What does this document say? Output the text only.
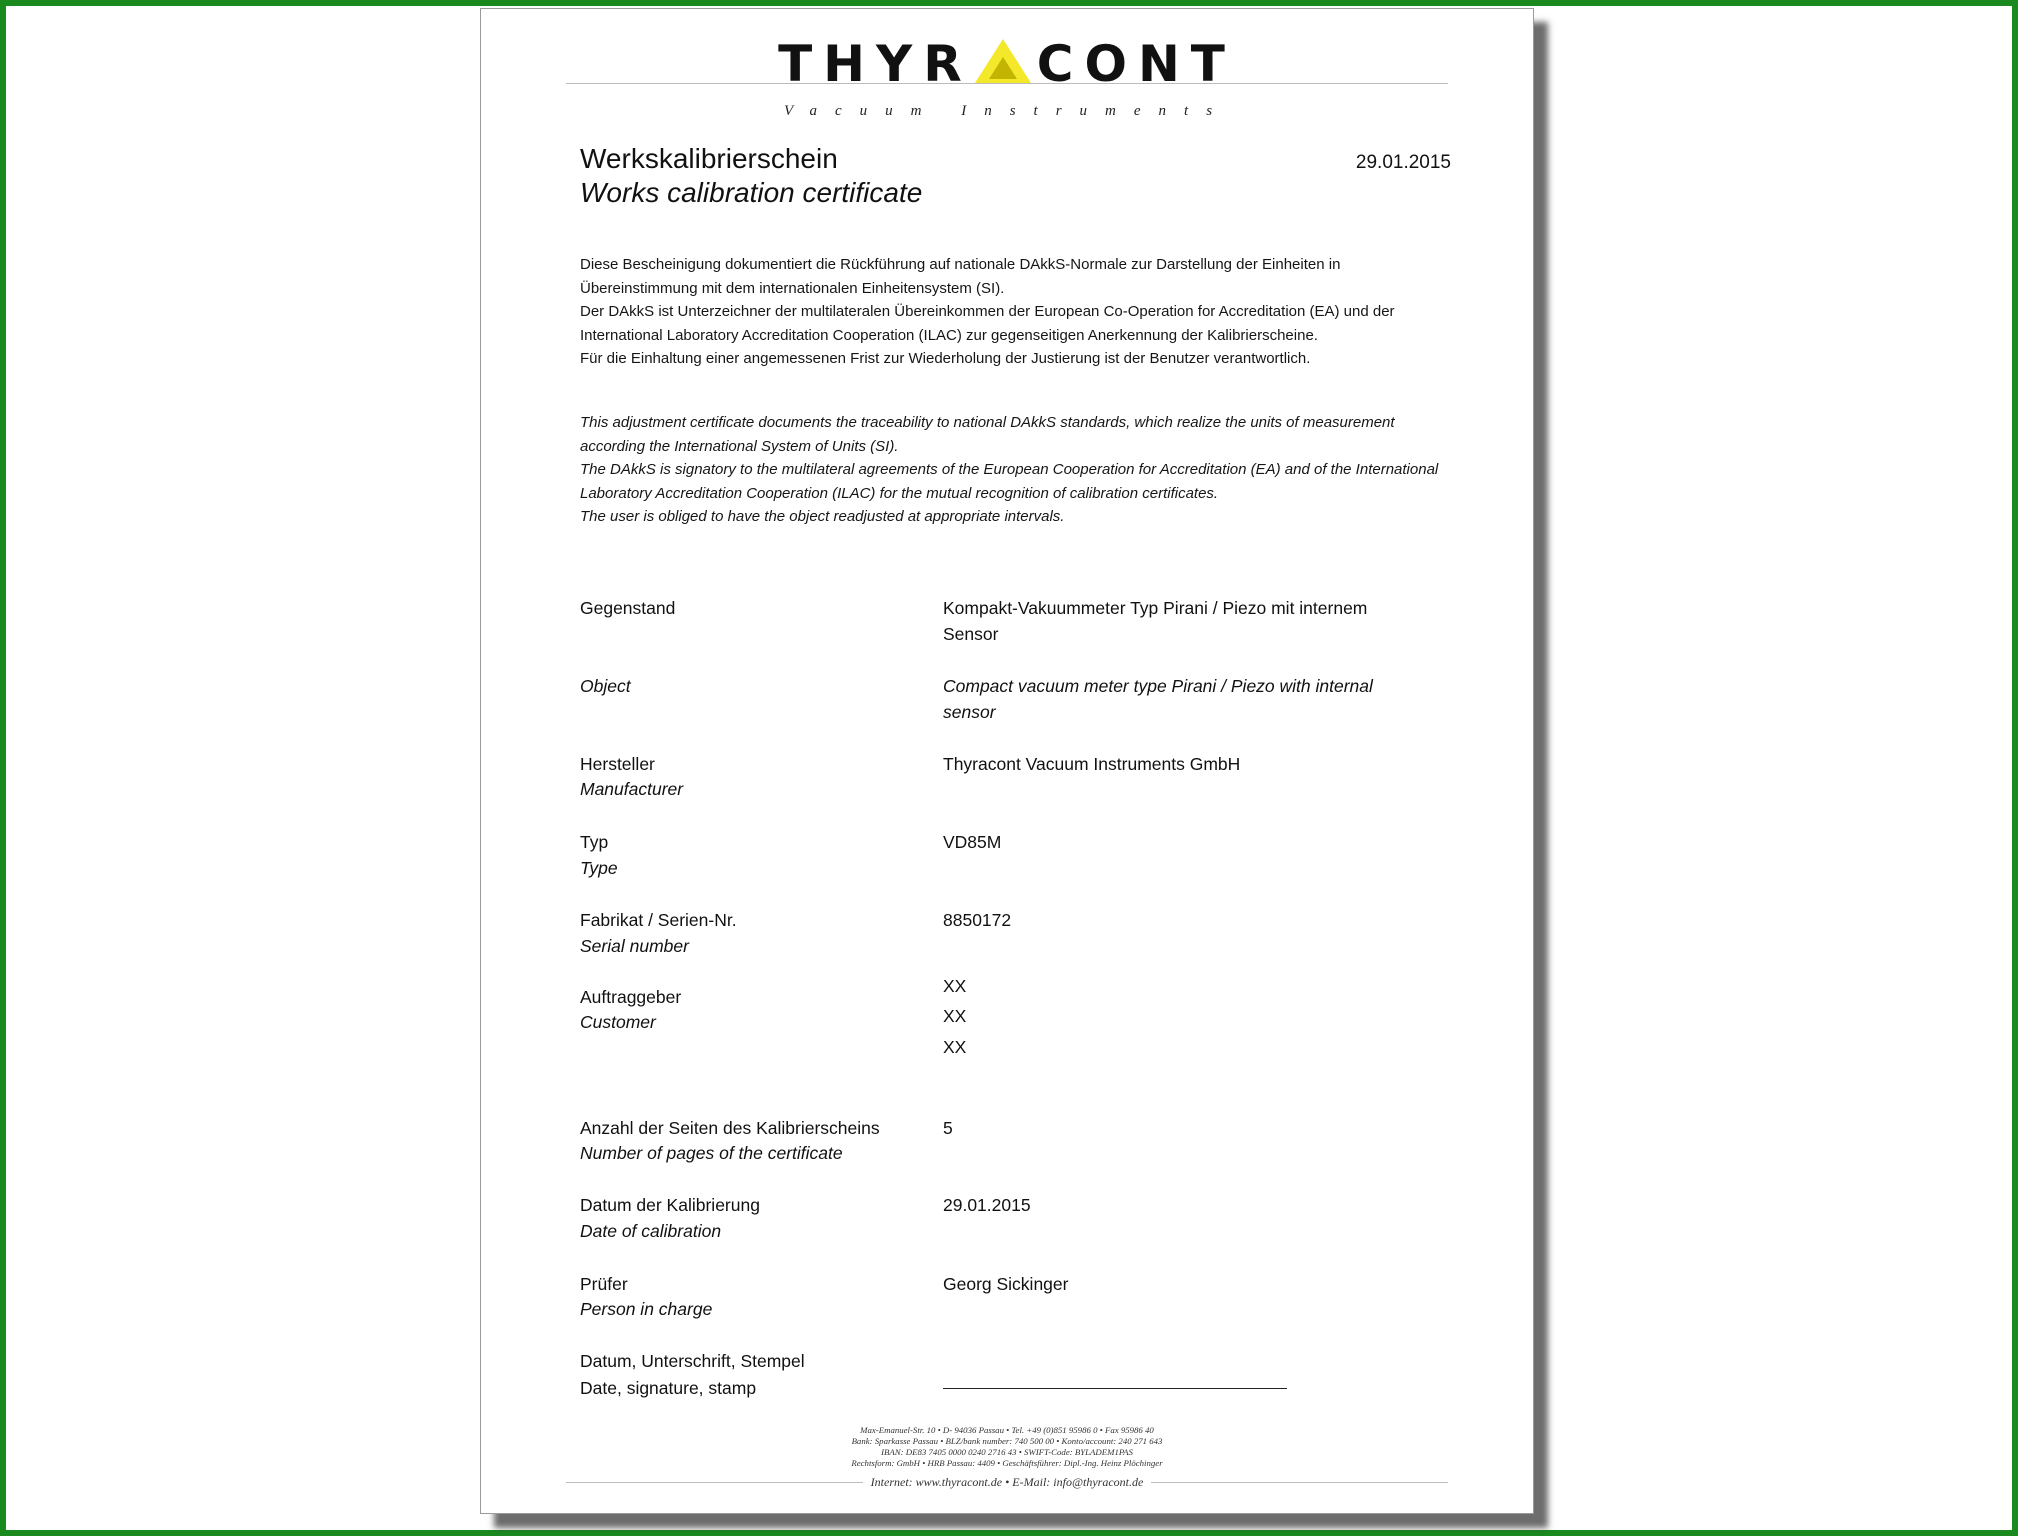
THYR CONT
Vacuum Instruments
Werkskalibrierschein
Works calibration certificate
29.01.2015

Diese Bescheinigung dokumentiert die Rückführung auf nationale DAkkS-Normale zur Darstellung der Einheiten in Übereinstimmung mit dem internationalen Einheitensystem (SI).

Der DAkkS ist Unterzeichner der multilateralen Übereinkommen der European Co-Operation for Accreditation (EA) und der International Laboratory Accreditation Cooperation (ILAC) zur gegenseitigen Anerkennung der Kalibrierscheine.

Für die Einhaltung einer angemessenen Frist zur Wiederholung der Justierung ist der Benutzer verantwortlich.

This adjustment certificate documents the traceability to national DAkkS standards, which realize the units of measurement according the International System of Units (SI).

The DAkkS is signatory to the multilateral agreements of the European Cooperation for Accreditation (EA) and of the International Laboratory Accreditation Cooperation (ILAC) for the mutual recognition of calibration certificates.

The user is obliged to have the object readjusted at appropriate intervals.

Gegenstand	Kompakt-Vakuummeter Typ Pirani / Piezo mit internem Sensor
Object	Compact vacuum meter type Pirani / Piezo with internal sensor
Hersteller
Manufacturer
Thyracont Vacuum Instruments GmbH
Typ
Type
VD85M
Fabrikat / Serien-Nr.
Serial number
8850172
Auftraggeber
Customer
XX
XX
XX
Anzahl der Seiten des Kalibrierscheins
Number of pages of the certificate
5
Datum der Kalibrierung
Date of calibration
29.01.2015
Prüfer
Person in charge
Georg Sickinger
Datum, Unterschrift, Stempel
Date, signature, stamp
Max-Emanuel-Str. 10 • D- 94036 Passau • Tel. +49 (0)851 95986 0 • Fax 95986 40
Bank: Sparkasse Passau • BLZ/bank number: 740 500 00 • Konto/account: 240 271 643
IBAN: DE83 7405 0000 0240 2716 43 • SWIFT-Code: BYLADEM1PAS
Rechtsform: GmbH • HRB Passau: 4409 • Geschäftsführer: Dipl.-Ing. Heinz Plöchinger
Internet: www.thyracont.de • E-Mail: info@thyracont.de
